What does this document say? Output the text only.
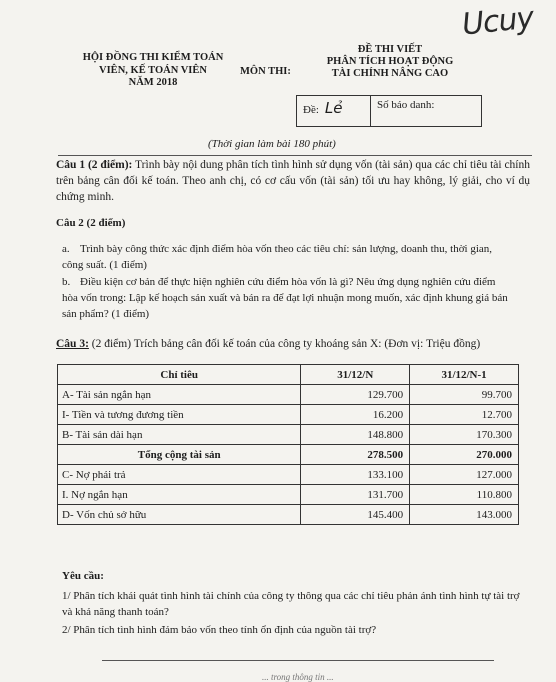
Ucuy
HỘI ĐỒNG THI KIỂM TOÁN
VIÊN, KẾ TOÁN VIÊN
NĂM 2018
MÔN THI:
ĐỀ THI VIẾT
PHÂN TÍCH HOẠT ĐỘNG
TÀI CHÍNH NÂNG CAO
Đề: Lẻ	Số báo danh:
(Thời gian làm bài 180 phút)
Câu 1 (2 điểm): Trình bày nội dung phân tích tình hình sử dụng vốn (tài sản) qua các chỉ tiêu tài chính trên bảng cân đối kế toán. Theo anh chị, có cơ cấu vốn (tài sản) tối ưu hay không, lý giải, cho ví dụ chứng minh.
Câu 2 (2 điểm)
a. Trình bày công thức xác định điểm hòa vốn theo các tiêu chí: sản lượng, doanh thu, thời gian, công suất. (1 điểm)
b. Điều kiện cơ bản để thực hiện nghiên cứu điểm hòa vốn là gì? Nêu ứng dụng nghiên cứu điểm hòa vốn trong: Lập kế hoạch sản xuất và bán ra để đạt lợi nhuận mong muốn, xác định khung giá bán sản phẩm? (1 điểm)
Câu 3: (2 điểm) Trích bảng cân đối kế toán của công ty khoáng sản X: (Đơn vị: Triệu đồng)
Chỉ tiêu	31/12/N	31/12/N-1
A- Tài sản ngắn hạn	129.700	99.700
I- Tiền và tương đương tiền	16.200	12.700
B- Tài sản dài hạn	148.800	170.300
Tổng cộng tài sản	278.500	270.000
C- Nợ phải trả	133.100	127.000
I. Nợ ngắn hạn	131.700	110.800
D- Vốn chủ sở hữu	145.400	143.000
Yêu cầu:
1/ Phân tích khái quát tình hình tài chính của công ty thông qua các chỉ tiêu phản ánh tình hình tự tài trợ và khả năng thanh toán?
2/ Phân tích tình hình đảm bảo vốn theo tính ổn định của nguồn tài trợ?
... trong thông tin ...
